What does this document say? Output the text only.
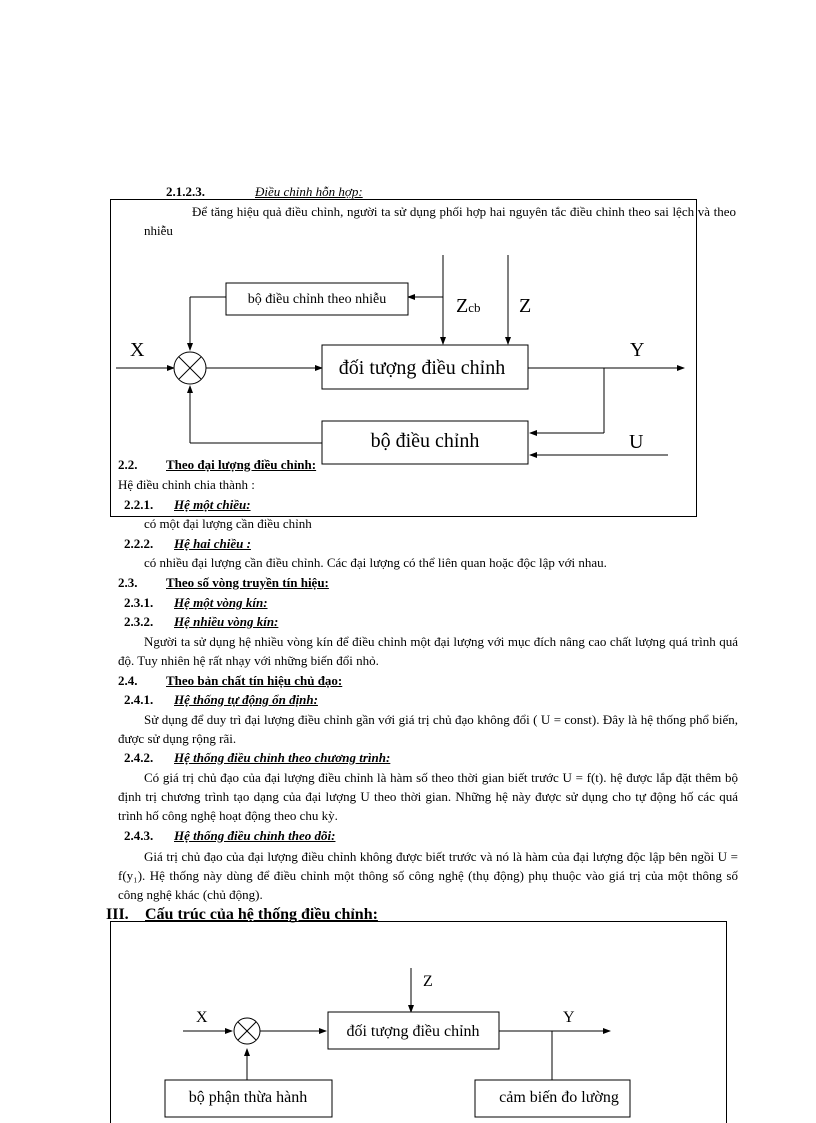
2.1.2.3.	Điều chỉnh hỗn hợp:
Để tăng hiệu quả điều chỉnh, người ta sử dụng phối hợp hai nguyên tắc điều chỉnh theo sai lệch và theo nhiễu
bộ điều chỉnh theo nhiễu
đối tượng điều chỉnh
bộ điều chỉnh
X	Y
U
Z
Zcb
2.2. Theo đại lượng điều chỉnh:
Hệ điều chỉnh chia thành :
2.2.1. Hệ một chiều:
có một đại lượng cần điều chỉnh
2.2.2. Hệ hai chiều :
có nhiều đại lượng cần điều chỉnh. Các đại lượng có thể liên quan hoặc độc lập với nhau.
2.3. Theo số vòng truyền tín hiệu:
2.3.1. Hệ một vòng kín:
2.3.2. Hệ nhiều vòng kín:
Người ta sử dụng hệ nhiều vòng kín để điều chỉnh một đại lượng với mục đích nâng cao chất lượng quá trình quá độ. Tuy nhiên hệ rất nhạy với những biến đổi nhỏ.
2.4. Theo bản chất tín hiệu chủ đạo:
2.4.1. Hệ thống tự động ổn định:
Sử dụng để duy trì đại lượng điều chỉnh gần với giá trị chủ đạo không đổi ( U = const). Đây là hệ thống phổ biến, được sử dụng rộng rãi.
2.4.2. Hệ thống điều chỉnh theo chương trình:
Có giá trị chủ đạo của đại lượng điều chỉnh là hàm số theo thời gian biết trước U = f(t). hệ được lắp đặt thêm bộ định trị chương trình tạo dạng của đại lượng U theo thời gian. Những hệ này được sử dụng cho tự động hố các quá trình hố công nghệ hoạt động theo chu kỳ.
2.4.3. Hệ thống điều chỉnh theo dõi:
Giá trị chủ đạo của đại lượng điều chỉnh không được biết trước và nó là hàm của đại lượng độc lập bên ngồi U = f(y₁). Hệ thống này dùng để điều chỉnh một thông số công nghệ (thụ động) phụ thuộc vào giá trị của một thông số công nghệ khác (chủ động).
III. Cấu trúc của hệ thống điều chỉnh:
đối tượng điều chỉnh
bộ phận thừa hành	cảm biến đo lường
X	Y
Z
